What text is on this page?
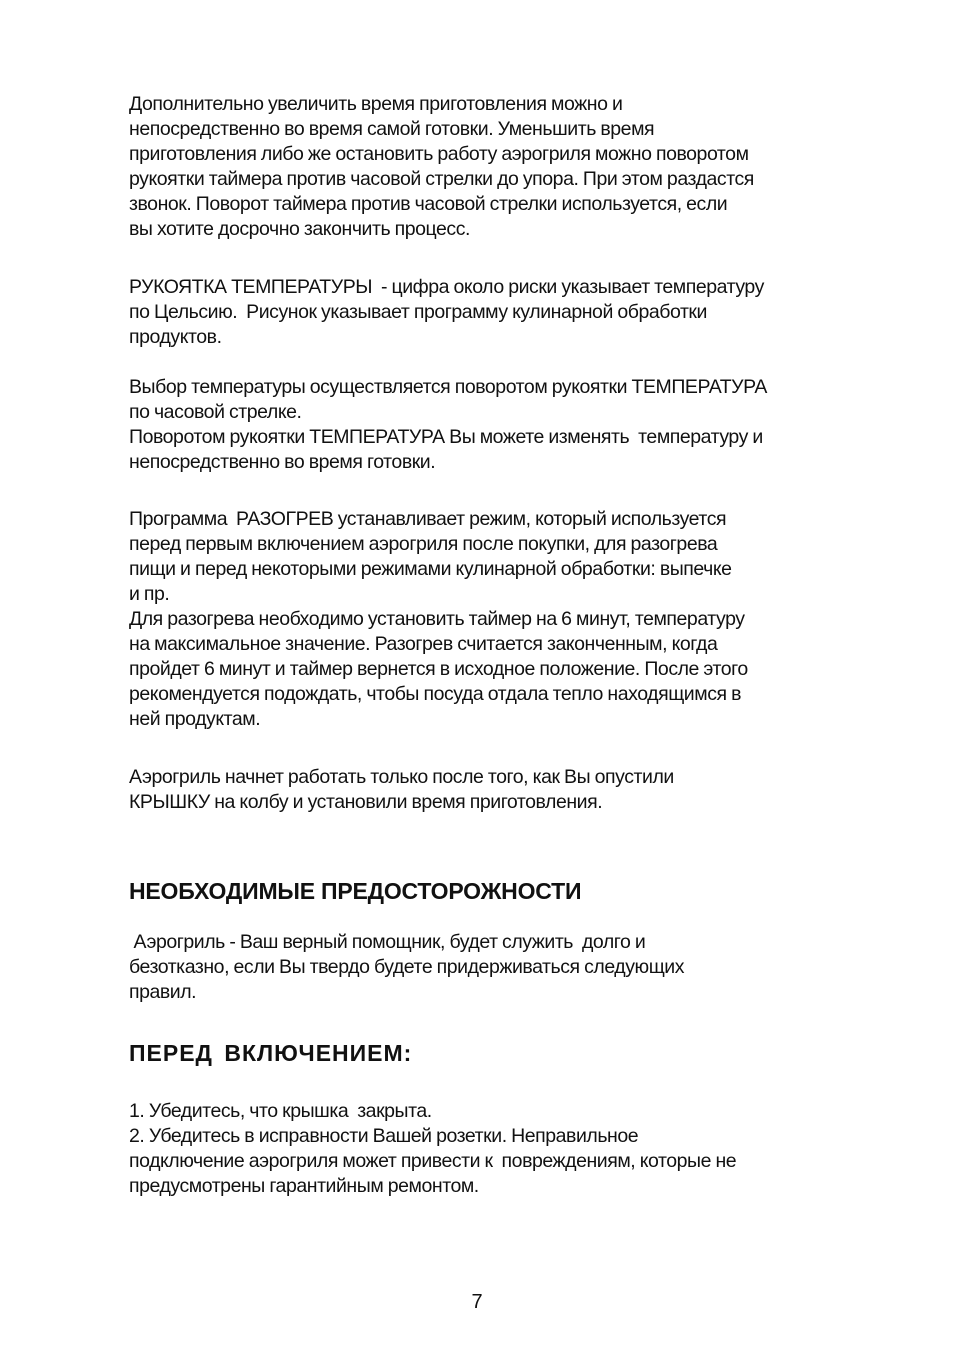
Дополнительно увеличить время приготовления можно и
непосредственно во время самой готовки. Уменьшить время
приготовления либо же остановить работу аэрогриля можно поворотом
рукоятки таймера против часовой стрелки до упора. При этом раздастся
звонок. Поворот таймера против часовой стрелки используется, если
вы хотите досрочно закончить процесс.

РУКОЯТКА ТЕМПЕРАТУРЫ  - цифра около риски указывает температуру
по Цельсию.  Рисунок указывает программу кулинарной обработки
продуктов.

Выбор температуры осуществляется поворотом рукоятки ТЕМПЕРАТУРА
по часовой стрелке.
Поворотом рукоятки ТЕМПЕРАТУРА Вы можете изменять  температуру и
непосредственно во время готовки.

Программа  РАЗОГРЕВ устанавливает режим, который используется
перед первым включением аэрогриля после покупки, для разогрева
пищи и перед некоторыми режимами кулинарной обработки: выпечке
и пр.
Для разогрева необходимо установить таймер на 6 минут, температуру
на максимальное значение. Разогрев считается законченным, когда
пройдет 6 минут и таймер вернется в исходное положение. После этого
рекомендуется подождать, чтобы посуда отдала тепло находящимся в
ней продуктам.

Аэрогриль начнет работать только после того, как Вы опустили
КРЫШКУ на колбу и установили время приготовления.

НЕОБХОДИМЫЕ ПРЕДОСТОРОЖНОСТИ

Аэрогриль - Ваш верный помощник, будет служить  долго и
безотказно, если Вы твердо будете придерживаться следующих
правил.

ПЕРЕД ВКЛЮЧЕНИЕМ:

1. Убедитесь, что крышка  закрыта.
2. Убедитесь в исправности Вашей розетки. Неправильное
подключение аэрогриля может привести к  повреждениям, которые не
предусмотрены гарантийным ремонтом.

7
